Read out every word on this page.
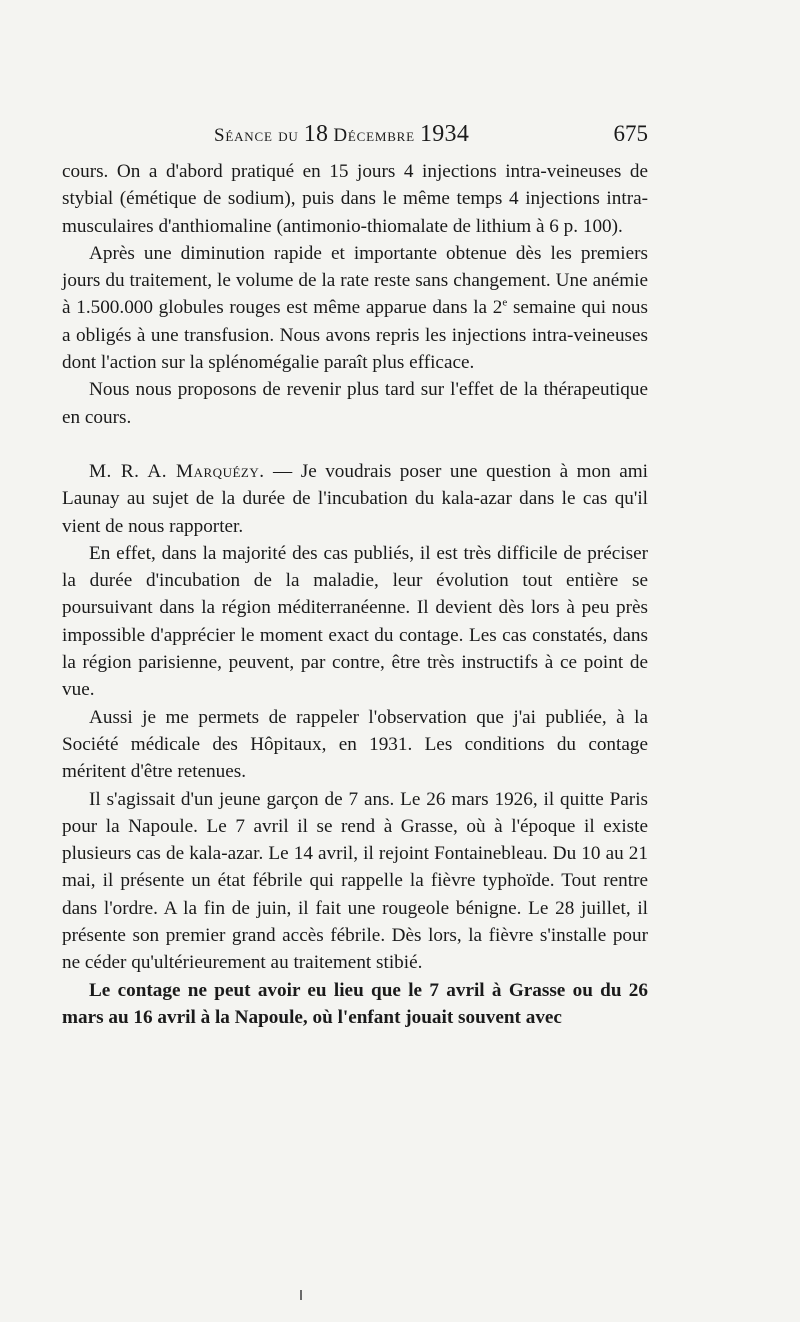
Séance du 18 Décembre 1934	675

cours. On a d'abord pratiqué en 15 jours 4 injections intra-veineuses de stybial (émétique de sodium), puis dans le même temps 4 injections intra-musculaires d'anthiomaline (antimonio-thiomalate de lithium à 6 p. 100).

Après une diminution rapide et importante obtenue dès les premiers jours du traitement, le volume de la rate reste sans changement. Une anémie à 1.500.000 globules rouges est même apparue dans la 2e semaine qui nous a obligés à une transfusion. Nous avons repris les injections intra-veineuses dont l'action sur la splénomégalie paraît plus efficace.

Nous nous proposons de revenir plus tard sur l'effet de la thérapeutique en cours.

M. R. A. Marquézy. — Je voudrais poser une question à mon ami Launay au sujet de la durée de l'incubation du kala-azar dans le cas qu'il vient de nous rapporter.

En effet, dans la majorité des cas publiés, il est très difficile de préciser la durée d'incubation de la maladie, leur évolution tout entière se poursuivant dans la région méditerranéenne. Il devient dès lors à peu près impossible d'apprécier le moment exact du contage. Les cas constatés, dans la région parisienne, peuvent, par contre, être très instructifs à ce point de vue.

Aussi je me permets de rappeler l'observation que j'ai publiée, à la Société médicale des Hôpitaux, en 1931. Les conditions du contage méritent d'être retenues.

Il s'agissait d'un jeune garçon de 7 ans. Le 26 mars 1926, il quitte Paris pour la Napoule. Le 7 avril il se rend à Grasse, où à l'époque il existe plusieurs cas de kala-azar. Le 14 avril, il rejoint Fontainebleau. Du 10 au 21 mai, il présente un état fébrile qui rappelle la fièvre typhoïde. Tout rentre dans l'ordre. A la fin de juin, il fait une rougeole bénigne. Le 28 juillet, il présente son premier grand accès fébrile. Dès lors, la fièvre s'installe pour ne céder qu'ultérieurement au traitement stibié.

Le contage ne peut avoir eu lieu que le 7 avril à Grasse ou du 26 mars au 16 avril à la Napoule, où l'enfant jouait souvent avec
